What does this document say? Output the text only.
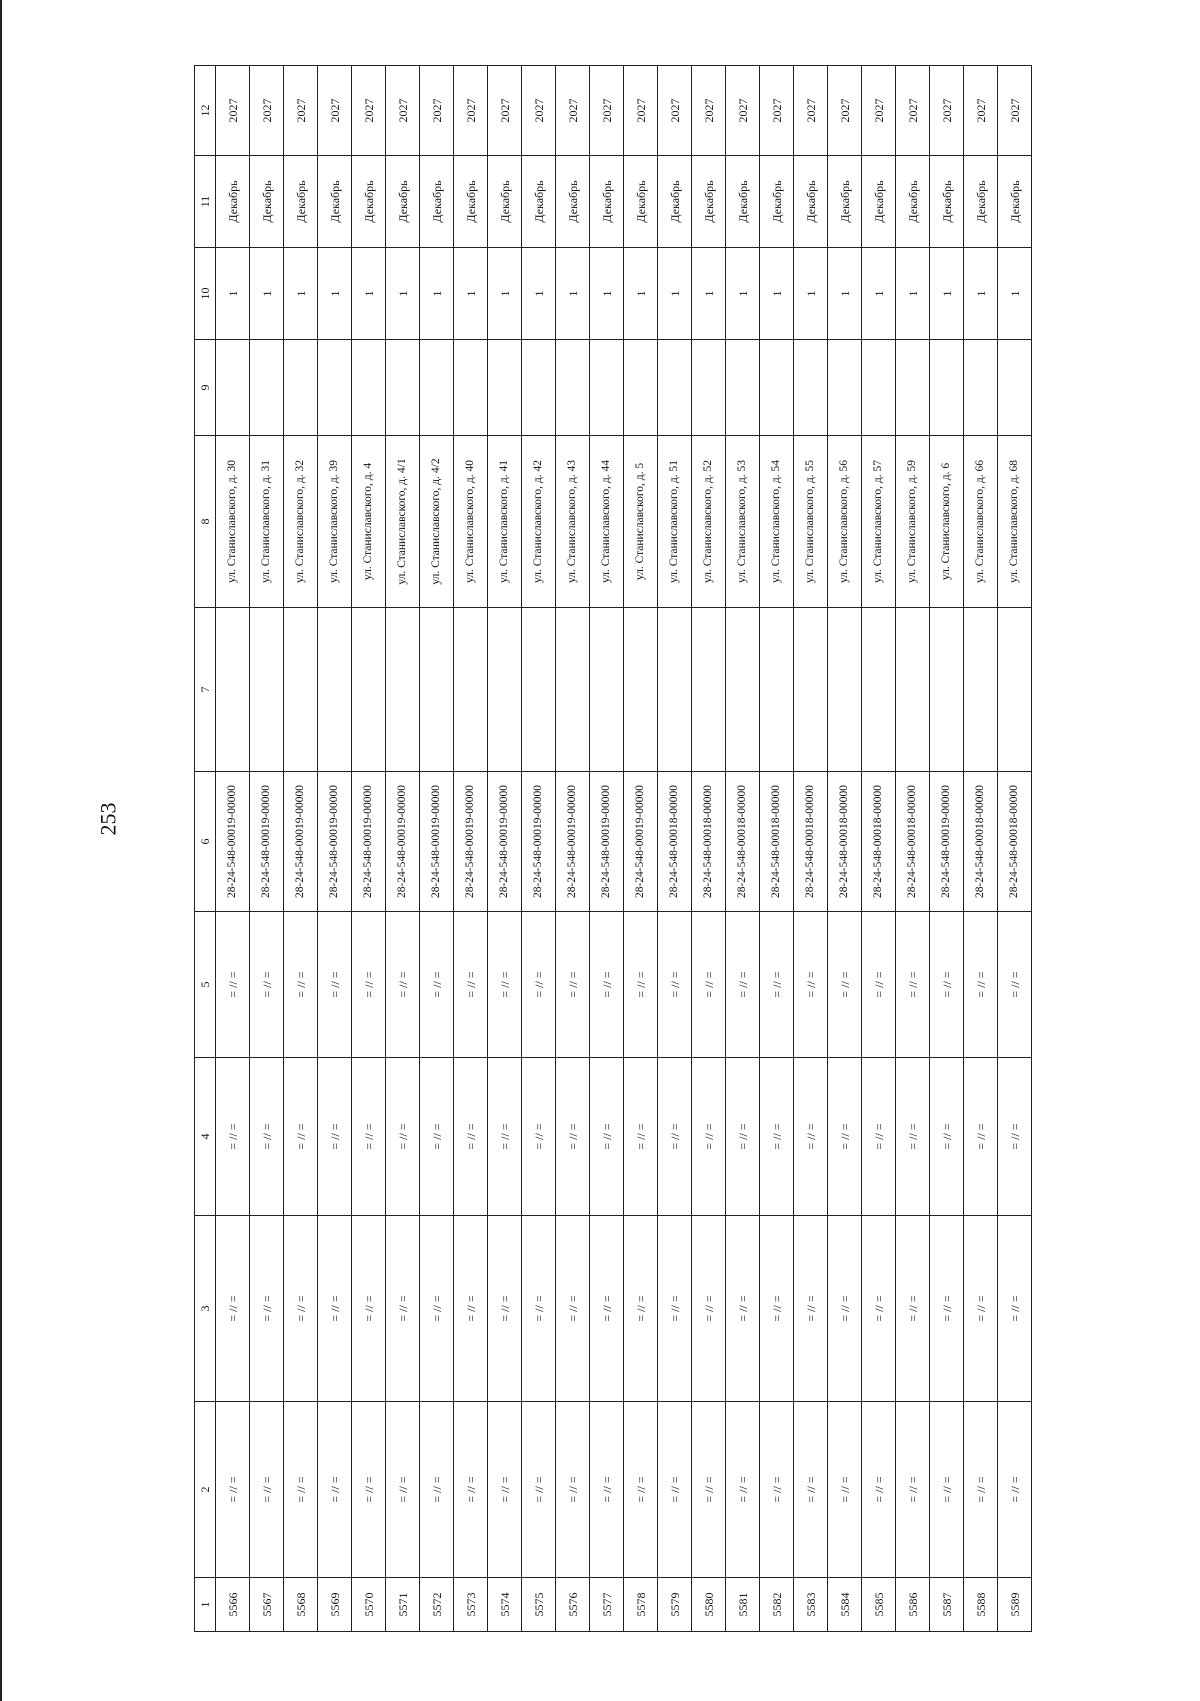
253
1	2	3	4	5	6	7	8	9	10	11	12
5566	= // =	= // =	= // =	= // =	28-24-548-00019-00000		ул. Станиславского, д. 30		1	Декабрь	2027
5567	= // =	= // =	= // =	= // =	28-24-548-00019-00000		ул. Станиславского, д. 31		1	Декабрь	2027
5568	= // =	= // =	= // =	= // =	28-24-548-00019-00000		ул. Станиславского, д. 32		1	Декабрь	2027
5569	= // =	= // =	= // =	= // =	28-24-548-00019-00000		ул. Станиславского, д. 39		1	Декабрь	2027
5570	= // =	= // =	= // =	= // =	28-24-548-00019-00000		ул. Станиславского, д. 4		1	Декабрь	2027
5571	= // =	= // =	= // =	= // =	28-24-548-00019-00000		ул. Станиславского, д. 4/1		1	Декабрь	2027
5572	= // =	= // =	= // =	= // =	28-24-548-00019-00000		ул. Станиславского, д. 4/2		1	Декабрь	2027
5573	= // =	= // =	= // =	= // =	28-24-548-00019-00000		ул. Станиславского, д. 40		1	Декабрь	2027
5574	= // =	= // =	= // =	= // =	28-24-548-00019-00000		ул. Станиславского, д. 41		1	Декабрь	2027
5575	= // =	= // =	= // =	= // =	28-24-548-00019-00000		ул. Станиславского, д. 42		1	Декабрь	2027
5576	= // =	= // =	= // =	= // =	28-24-548-00019-00000		ул. Станиславского, д. 43		1	Декабрь	2027
5577	= // =	= // =	= // =	= // =	28-24-548-00019-00000		ул. Станиславского, д. 44		1	Декабрь	2027
5578	= // =	= // =	= // =	= // =	28-24-548-00019-00000		ул. Станиславского, д. 5		1	Декабрь	2027
5579	= // =	= // =	= // =	= // =	28-24-548-00018-00000		ул. Станиславского, д. 51		1	Декабрь	2027
5580	= // =	= // =	= // =	= // =	28-24-548-00018-00000		ул. Станиславского, д. 52		1	Декабрь	2027
5581	= // =	= // =	= // =	= // =	28-24-548-00018-00000		ул. Станиславского, д. 53		1	Декабрь	2027
5582	= // =	= // =	= // =	= // =	28-24-548-00018-00000		ул. Станиславского, д. 54		1	Декабрь	2027
5583	= // =	= // =	= // =	= // =	28-24-548-00018-00000		ул. Станиславского, д. 55		1	Декабрь	2027
5584	= // =	= // =	= // =	= // =	28-24-548-00018-00000		ул. Станиславского, д. 56		1	Декабрь	2027
5585	= // =	= // =	= // =	= // =	28-24-548-00018-00000		ул. Станиславского, д. 57		1	Декабрь	2027
5586	= // =	= // =	= // =	= // =	28-24-548-00018-00000		ул. Станиславского, д. 59		1	Декабрь	2027
5587	= // =	= // =	= // =	= // =	28-24-548-00019-00000		ул. Станиславского, д. 6		1	Декабрь	2027
5588	= // =	= // =	= // =	= // =	28-24-548-00018-00000		ул. Станиславского, д. 66		1	Декабрь	2027
5589	= // =	= // =	= // =	= // =	28-24-548-00018-00000		ул. Станиславского, д. 68		1	Декабрь	2027
